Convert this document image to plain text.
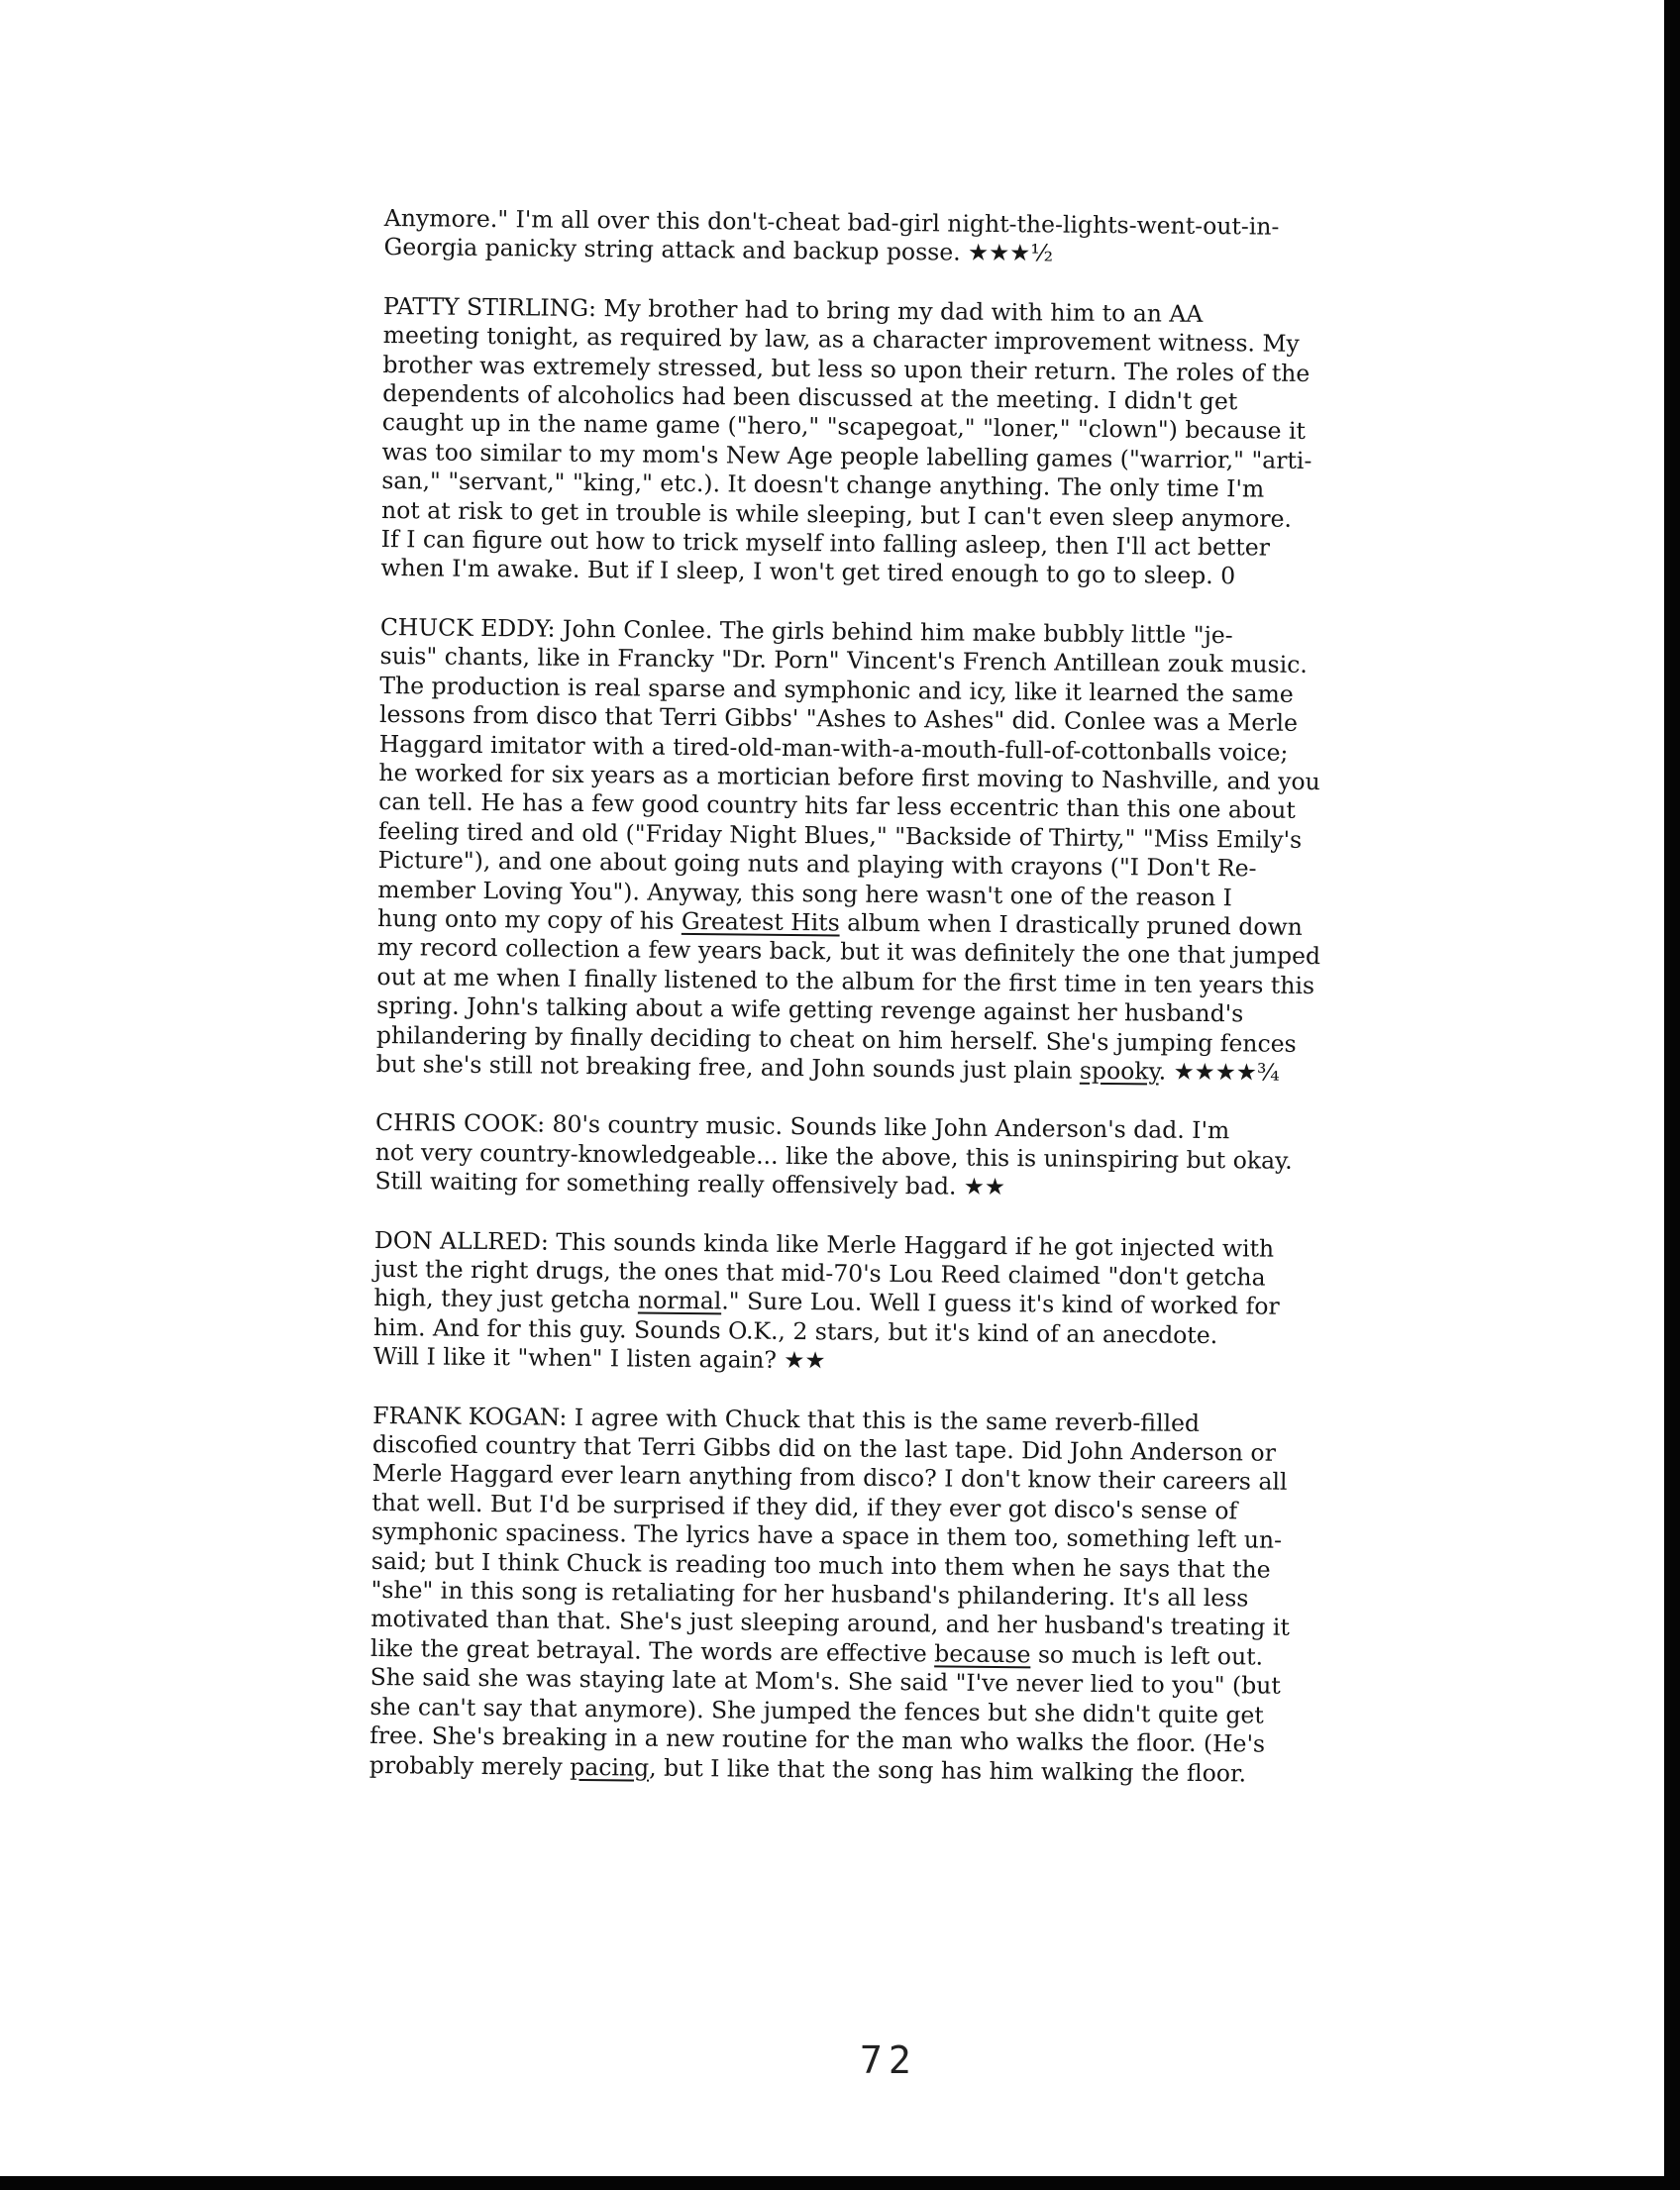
Anymore." I'm all over this don't-cheat bad-girl night-the-lights-went-out-in-
Georgia panicky string attack and backup posse. ★★★½
PATTY STIRLING: My brother had to bring my dad with him to an AA
meeting tonight, as required by law, as a character improvement witness. My
brother was extremely stressed, but less so upon their return. The roles of the
dependents of alcoholics had been discussed at the meeting. I didn't get
caught up in the name game ("hero," "scapegoat," "loner," "clown") because it
was too similar to my mom's New Age people labelling games ("warrior," "arti-
san," "servant," "king," etc.). It doesn't change anything. The only time I'm
not at risk to get in trouble is while sleeping, but I can't even sleep anymore.
If I can figure out how to trick myself into falling asleep, then I'll act better
when I'm awake. But if I sleep, I won't get tired enough to go to sleep. 0
CHUCK EDDY: John Conlee. The girls behind him make bubbly little "je-
suis" chants, like in Francky "Dr. Porn" Vincent's French Antillean zouk music.
The production is real sparse and symphonic and icy, like it learned the same
lessons from disco that Terri Gibbs' "Ashes to Ashes" did. Conlee was a Merle
Haggard imitator with a tired-old-man-with-a-mouth-full-of-cottonballs voice;
he worked for six years as a mortician before first moving to Nashville, and you
can tell. He has a few good country hits far less eccentric than this one about
feeling tired and old ("Friday Night Blues," "Backside of Thirty," "Miss Emily's
Picture"), and one about going nuts and playing with crayons ("I Don't Re-
member Loving You"). Anyway, this song here wasn't one of the reason I
hung onto my copy of his Greatest Hits album when I drastically pruned down
my record collection a few years back, but it was definitely the one that jumped
out at me when I finally listened to the album for the first time in ten years this
spring. John's talking about a wife getting revenge against her husband's
philandering by finally deciding to cheat on him herself. She's jumping fences
but she's still not breaking free, and John sounds just plain spooky. ★★★★¾
CHRIS COOK: 80's country music. Sounds like John Anderson's dad. I'm
not very country-knowledgeable... like the above, this is uninspiring but okay.
Still waiting for something really offensively bad. ★★
DON ALLRED: This sounds kinda like Merle Haggard if he got injected with
just the right drugs, the ones that mid-70's Lou Reed claimed "don't getcha
high, they just getcha normal." Sure Lou. Well I guess it's kind of worked for
him. And for this guy. Sounds O.K., 2 stars, but it's kind of an anecdote.
Will I like it "when" I listen again? ★★
FRANK KOGAN: I agree with Chuck that this is the same reverb-filled
discofied country that Terri Gibbs did on the last tape. Did John Anderson or
Merle Haggard ever learn anything from disco? I don't know their careers all
that well. But I'd be surprised if they did, if they ever got disco's sense of
symphonic spaciness. The lyrics have a space in them too, something left un-
said; but I think Chuck is reading too much into them when he says that the
"she" in this song is retaliating for her husband's philandering. It's all less
motivated than that. She's just sleeping around, and her husband's treating it
like the great betrayal. The words are effective because so much is left out.
She said she was staying late at Mom's. She said "I've never lied to you" (but
she can't say that anymore). She jumped the fences but she didn't quite get
free. She's breaking in a new routine for the man who walks the floor. (He's
probably merely pacing, but I like that the song has him walking the floor.
72
